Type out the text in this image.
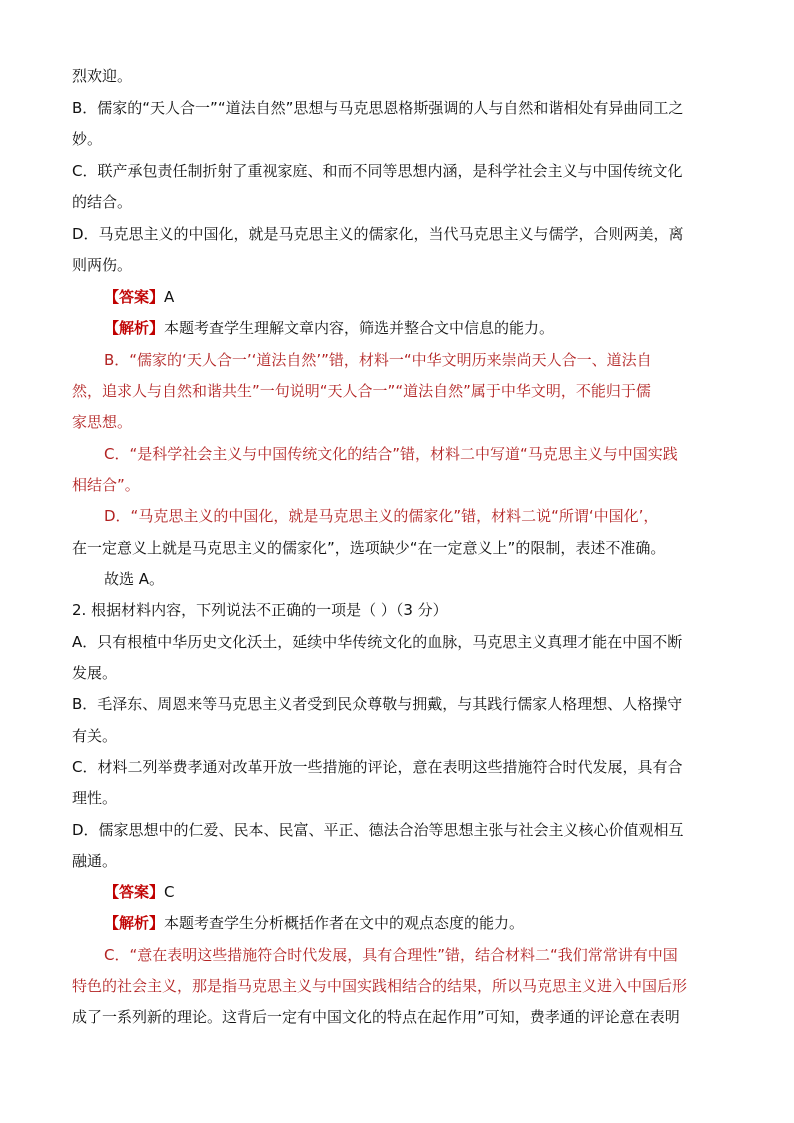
烈欢迎。
B．儒家的“天人合一”“道法自然”思想与马克思恩格斯强调的人与自然和谐相处有异曲同工之
妙。
C．联产承包责任制折射了重视家庭、和而不同等思想内涵，是科学社会主义与中国传统文化
的结合。
D．马克思主义的中国化，就是马克思主义的儒家化，当代马克思主义与儒学，合则两美，离
则两伤。
【答案】A
【解析】本题考查学生理解文章内容，筛选并整合文中信息的能力。
B．“儒家的‘天人合一’‘道法自然’”错，材料一“中华文明历来崇尚天人合一、道法自
然，追求人与自然和谐共生”一句说明“天人合一”“道法自然”属于中华文明，不能归于儒
家思想。
C．“是科学社会主义与中国传统文化的结合”错，材料二中写道“马克思主义与中国实践
相结合”。
D．“马克思主义的中国化，就是马克思主义的儒家化”错，材料二说“所谓‘中国化’，
在一定意义上就是马克思主义的儒家化”，选项缺少“在一定意义上”的限制，表述不准确。
故选 A。
2. 根据材料内容，下列说法不正确的一项是（ ）（3 分）
A．只有根植中华历史文化沃土，延续中华传统文化的血脉，马克思主义真理才能在中国不断
发展。
B．毛泽东、周恩来等马克思主义者受到民众尊敬与拥戴，与其践行儒家人格理想、人格操守
有关。
C．材料二列举费孝通对改革开放一些措施的评论，意在表明这些措施符合时代发展，具有合
理性。
D．儒家思想中的仁爱、民本、民富、平正、德法合治等思想主张与社会主义核心价值观相互
融通。
【答案】C
【解析】本题考查学生分析概括作者在文中的观点态度的能力。
C．“意在表明这些措施符合时代发展，具有合理性”错，结合材料二“我们常常讲有中国
特色的社会主义，那是指马克思主义与中国实践相结合的结果，所以马克思主义进入中国后形
成了一系列新的理论。这背后一定有中国文化的特点在起作用”可知，费孝通的评论意在表明
